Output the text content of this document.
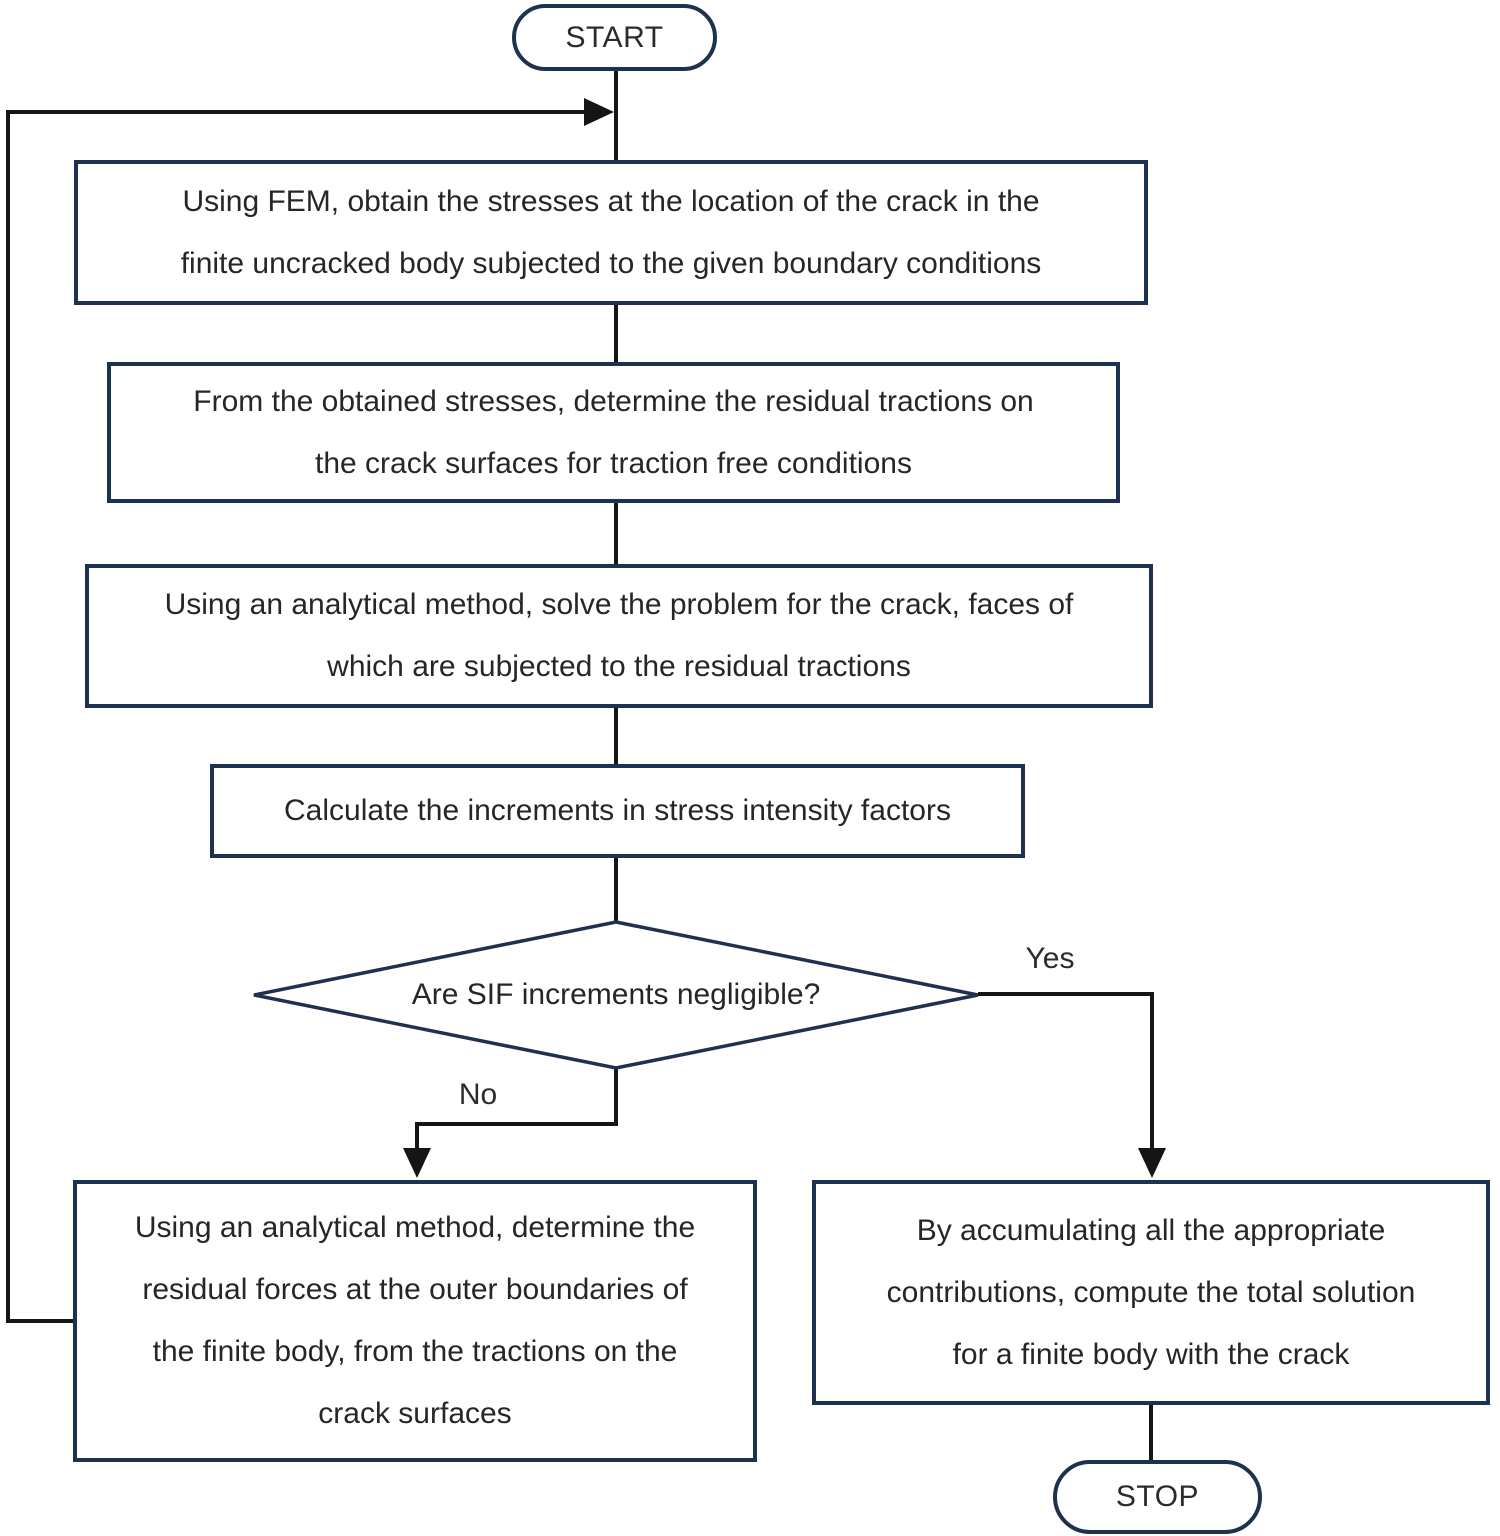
START
Using FEM, obtain the stresses at the location of the crack in the
finite uncracked body subjected to the given boundary conditions
From the obtained stresses, determine the residual tractions on
the crack surfaces for traction free conditions
Using an analytical method, solve the problem for the crack, faces of
which are subjected to the residual tractions
Calculate the increments in stress intensity factors
Are SIF increments negligible?
Yes
No
Using an analytical method, determine the
residual forces at the outer boundaries of
the finite body, from the tractions on the
crack surfaces
By accumulating all the appropriate
contributions, compute the total solution
for a finite body with the crack
STOP
